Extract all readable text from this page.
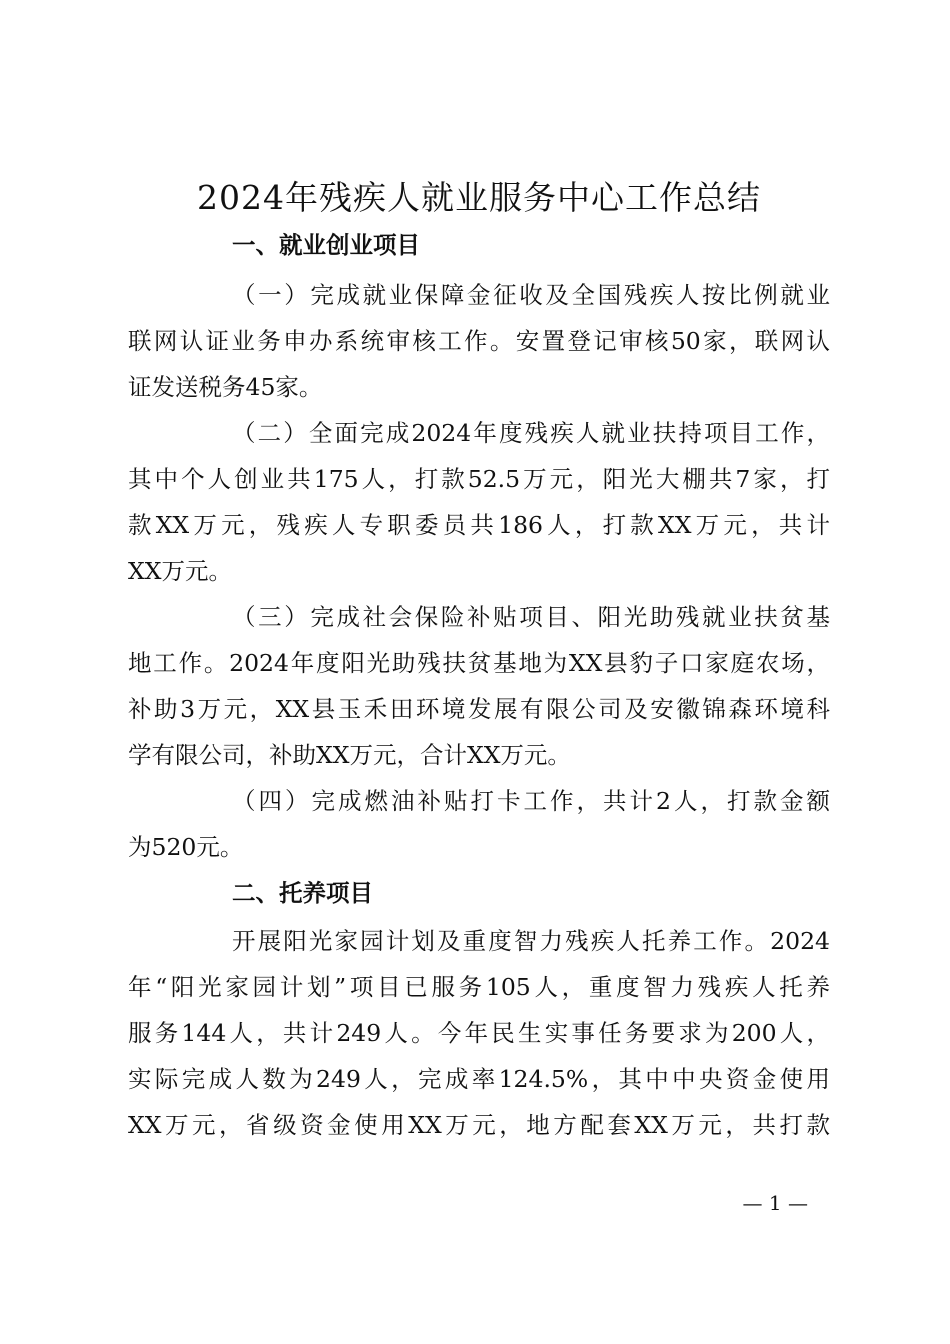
2024年残疾人就业服务中心工作总结
一、就业创业项目
（一）完成就业保障金征收及全国残疾人按比例就业
联网认证业务申办系统审核工作。安置登记审核50家，联网认
证发送税务45家。
（二）全面完成2024年度残疾人就业扶持项目工作，
其中个人创业共175人，打款52.5万元，阳光大棚共7家，打
款XX万元，残疾人专职委员共186人，打款XX万元，共计
XX万元。
（三）完成社会保险补贴项目、阳光助残就业扶贫基
地工作。2024年度阳光助残扶贫基地为XX县豹子口家庭农场，
补助3万元，XX县玉禾田环境发展有限公司及安徽锦森环境科
学有限公司，补助XX万元，合计XX万元。
（四）完成燃油补贴打卡工作，共计2人，打款金额
为520元。
二、托养项目
开展阳光家园计划及重度智力残疾人托养工作。2024
年“阳光家园计划”项目已服务105人，重度智力残疾人托养
服务144人，共计249人。今年民生实事任务要求为200人，
实际完成人数为249人，完成率124.5%，其中中央资金使用
XX万元，省级资金使用XX万元，地方配套XX万元，共打款
— 1 —
